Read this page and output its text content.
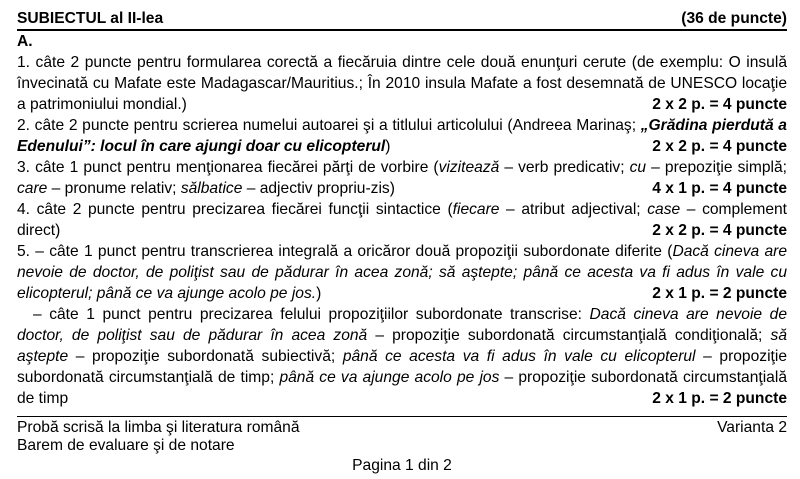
SUBIECTUL al II-lea	(36 de puncte)
A.

1. câte 2 puncte pentru formularea corectă a fiecăruia dintre cele două enunţuri cerute (de exemplu: O insulă învecinată cu Mafate este Madagascar/Mauritius.; În 2010 insula Mafate a fost desemnată de UNESCO locaţie a patrimoniului mondial.)	2 x 2 p. = 4 puncte

2. câte 2 puncte pentru scrierea numelui autoarei şi a titlului articolului (Andreea Marinaş; „Grădina pierdută a Edenului”: locul în care ajungi doar cu elicopterul)	2 x 2 p. = 4 puncte

3. câte 1 punct pentru menţionarea fiecărei părţi de vorbire (vizitează – verb predicativ; cu – prepoziţie simplă; care – pronume relativ; sălbatice – adjectiv propriu-zis)	4 x 1 p. = 4 puncte

4. câte 2 puncte pentru precizarea fiecărei funcţii sintactice (fiecare – atribut adjectival; case – complement direct)	2 x 2 p. = 4 puncte

5. – câte 1 punct pentru transcrierea integrală a oricăror două propoziţii subordonate diferite (Dacă cineva are nevoie de doctor, de poliţist sau de pădurar în acea zonă; să aştepte; până ce acesta va fi adus în vale cu elicopterul; până ce va ajunge acolo pe jos.)	2 x 1 p. = 2 puncte

– câte 1 punct pentru precizarea felului propoziţiilor subordonate transcrise: Dacă cineva are nevoie de doctor, de poliţist sau de pădurar în acea zonă – propoziţie subordonată circumstanţială condiţională; să aştepte – propoziţie subordonată subiectivă; până ce acesta va fi adus în vale cu elicopterul – propoziţie subordonată circumstanţială de timp; până ce va ajunge acolo pe jos – propoziţie subordonată circumstanţială de timp	2 x 1 p. = 2 puncte

Probă scrisă la limba şi literatura română	Varianta 2
Barem de evaluare şi de notare
Pagina 1 din 2
